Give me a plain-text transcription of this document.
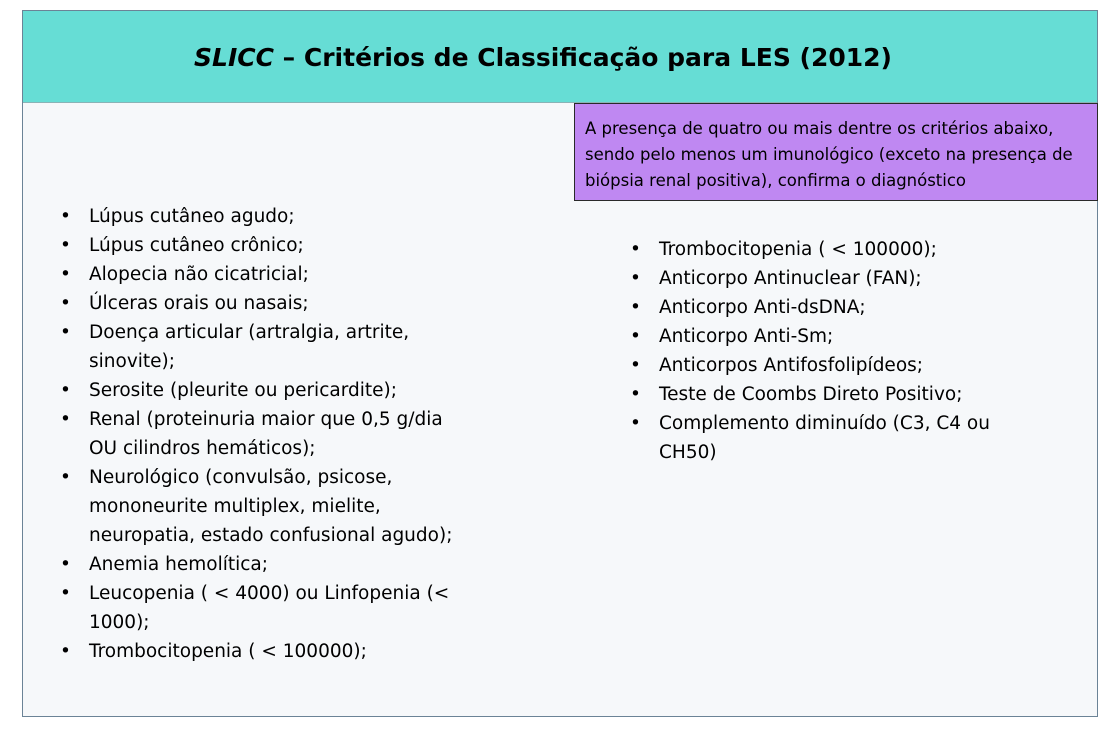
SLICC – Critérios de Classificação para LES (2012)
A presença de quatro ou mais dentre os critérios abaixo, sendo pelo menos um imunológico (exceto na presença de biópsia renal positiva), confirma o diagnóstico
• Lúpus cutâneo agudo;
• Lúpus cutâneo crônico;
• Alopecia não cicatricial;
• Úlceras orais ou nasais;
• Doença articular (artralgia, artrite,
sinovite);
• Serosite (pleurite ou pericardite);
• Renal (proteinuria maior que 0,5 g/dia
OU cilindros hemáticos);
• Neurológico (convulsão, psicose,
mononeurite multiplex, mielite,
neuropatia, estado confusional agudo);
• Anemia hemolítica;
• Leucopenia ( < 4000) ou Linfopenia (<
1000);
• Trombocitopenia ( < 100000);
• Trombocitopenia ( < 100000);
• Anticorpo Antinuclear (FAN);
• Anticorpo Anti-dsDNA;
• Anticorpo Anti-Sm;
• Anticorpos Antifosfolipídeos;
• Teste de Coombs Direto Positivo;
• Complemento diminuído (C3, C4 ou
CH50)
